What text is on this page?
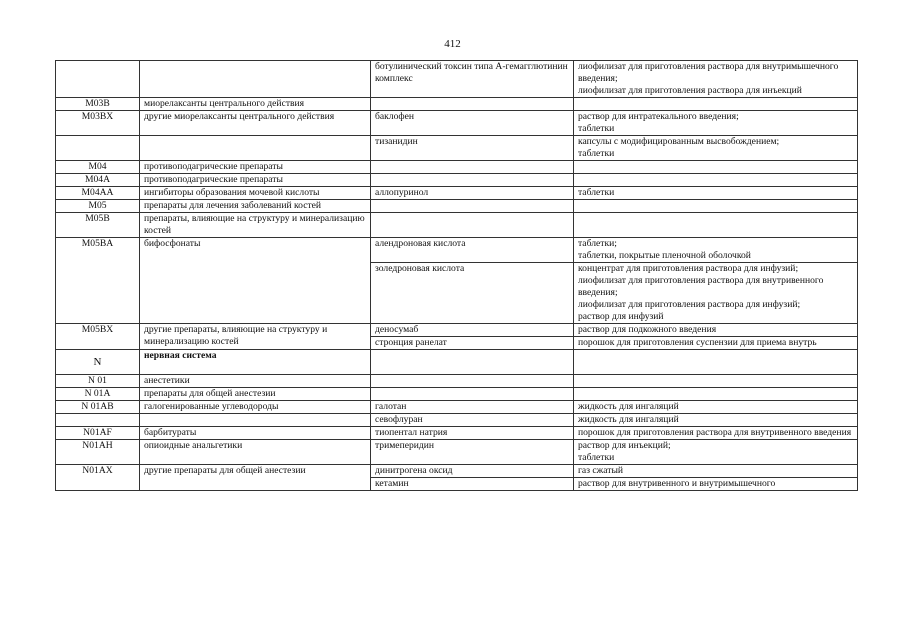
412

		ботулинический токсин типа А-гемагглютинин комплекс	лиофилизат для приготовления раствора для внутримышечного введения;
лиофилизат для приготовления раствора для инъекций

M03B	миорелаксанты центрального действия		
M03BX	другие миорелаксанты центрального действия	баклофен	раствор для интратекального введения;
таблетки

		тизанидин	капсулы с модифицированным высвобождением;
таблетки

M04	противоподагрические препараты		
M04A	противоподагрические препараты		
M04AA	ингибиторы образования мочевой кислоты	аллопуринол	таблетки

M05	препараты для лечения заболеваний костей		
M05B	препараты, влияющие на структуру и минерализацию костей		
M05BA	бифосфонаты	алендроновая кислота	таблетки;
таблетки, покрытые пленочной оболочкой

		золедроновая кислота	концентрат для приготовления раствора для инфузий;
лиофилизат для приготовления раствора для внутривенного введения;
лиофилизат для приготовления раствора для инфузий;
раствор для инфузий

M05BX	другие препараты, влияющие на структуру и минерализацию костей	деносумаб	раствор для подкожного введения

		стронция ранелат	порошок для приготовления суспензии для приема внутрь

N	нервная система		
N 01	анестетики		
N 01A	препараты для общей анестезии		
N 01AB	галогенированные углеводороды	галотан	жидкость для ингаляций

		севофлуран	жидкость для ингаляций

N01AF	барбитураты	тиопентал натрия	порошок для приготовления раствора для внутривенного введения

N01AH	опиоидные анальгетики	тримеперидин	раствор для инъекций;
таблетки

N01AX	другие препараты для общей анестезии	динитрогена оксид	газ сжатый

		кетамин	раствор для внутривенного и внутримышечного
